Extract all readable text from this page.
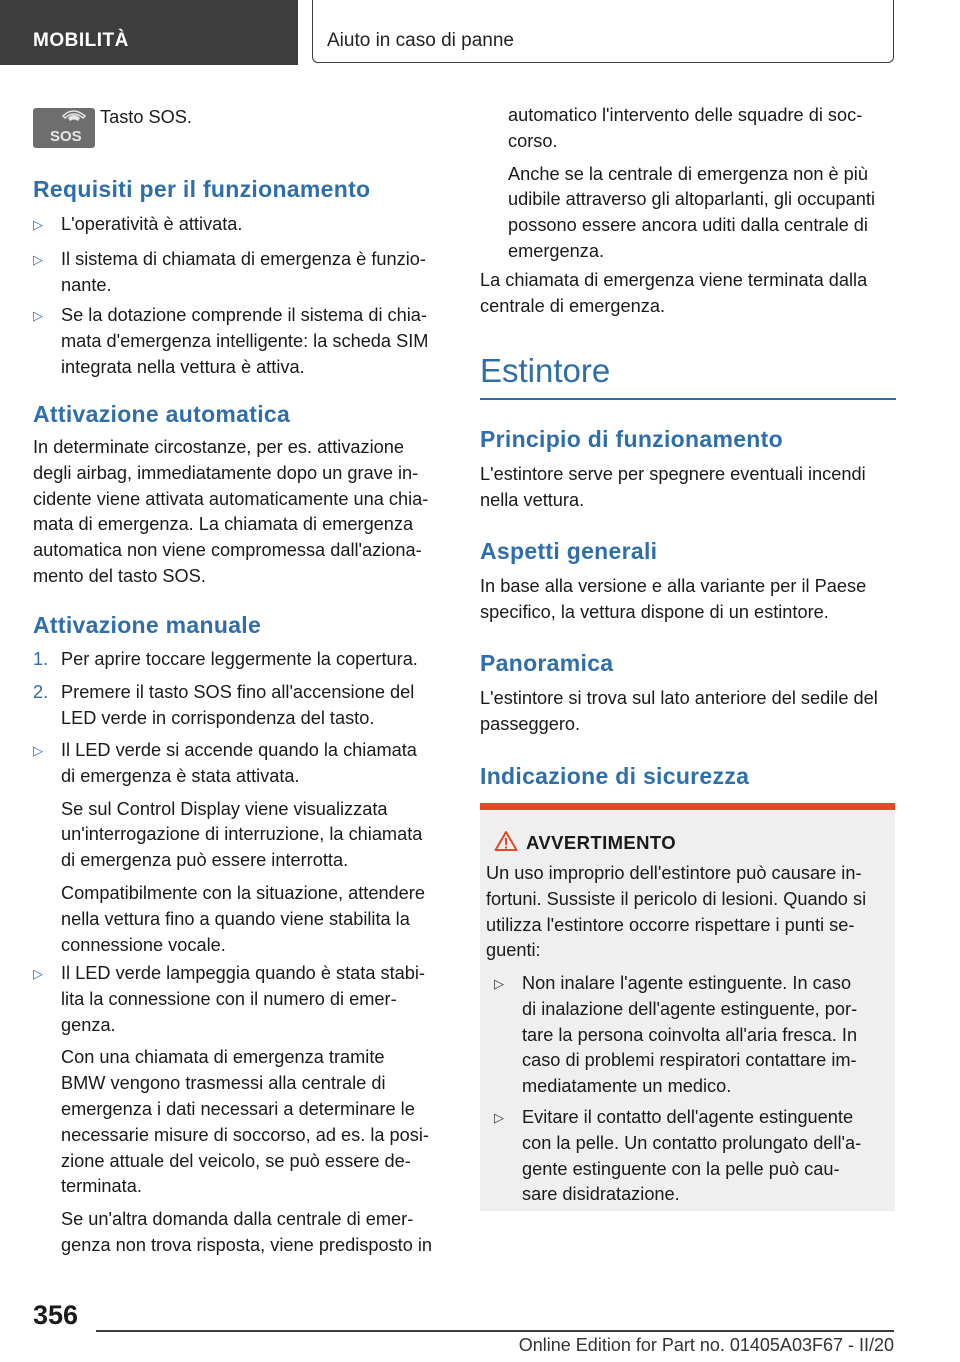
MOBILITÀ	Aiuto in caso di panne
SOS
Tasto SOS.
Requisiti per il funzionamento
▷ L'operatività è attivata.
▷ Il sistema di chiamata di emergenza è funzio-
nante.
▷ Se la dotazione comprende il sistema di chia-
mata d'emergenza intelligente: la scheda SIM
integrata nella vettura è attiva.
Attivazione automatica
In determinate circostanze, per es. attivazione
degli airbag, immediatamente dopo un grave in-
cidente viene attivata automaticamente una chia-
mata di emergenza. La chiamata di emergenza
automatica non viene compromessa dall'aziona-
mento del tasto SOS.
Attivazione manuale
1. Per aprire toccare leggermente la copertura.
2. Premere il tasto SOS fino all'accensione del
LED verde in corrispondenza del tasto.
▷ Il LED verde si accende quando la chiamata
di emergenza è stata attivata.
Se sul Control Display viene visualizzata
un'interrogazione di interruzione, la chiamata
di emergenza può essere interrotta.
Compatibilmente con la situazione, attendere
nella vettura fino a quando viene stabilita la
connessione vocale.
▷ Il LED verde lampeggia quando è stata stabi-
lita la connessione con il numero di emer-
genza.
Con una chiamata di emergenza tramite
BMW vengono trasmessi alla centrale di
emergenza i dati necessari a determinare le
necessarie misure di soccorso, ad es. la posi-
zione attuale del veicolo, se può essere de-
terminata.
Se un'altra domanda dalla centrale di emer-
genza non trova risposta, viene predisposto in
automatico l'intervento delle squadre di soc-
corso.
Anche se la centrale di emergenza non è più
udibile attraverso gli altoparlanti, gli occupanti
possono essere ancora uditi dalla centrale di
emergenza.
La chiamata di emergenza viene terminata dalla
centrale di emergenza.
Estintore
Principio di funzionamento
L'estintore serve per spegnere eventuali incendi
nella vettura.
Aspetti generali
In base alla versione e alla variante per il Paese
specifico, la vettura dispone di un estintore.
Panoramica
L'estintore si trova sul lato anteriore del sedile del
passeggero.
Indicazione di sicurezza
AVVERTIMENTO
Un uso improprio dell'estintore può causare in-
fortuni. Sussiste il pericolo di lesioni. Quando si
utilizza l'estintore occorre rispettare i punti se-
guenti:
▷ Non inalare l'agente estinguente. In caso
di inalazione dell'agente estinguente, por-
tare la persona coinvolta all'aria fresca. In
caso di problemi respiratori contattare im-
mediatamente un medico.
▷ Evitare il contatto dell'agente estinguente
con la pelle. Un contatto prolungato dell'a-
gente estinguente con la pelle può cau-
sare disidratazione.
356
Online Edition for Part no. 01405A03F67 - II/20
